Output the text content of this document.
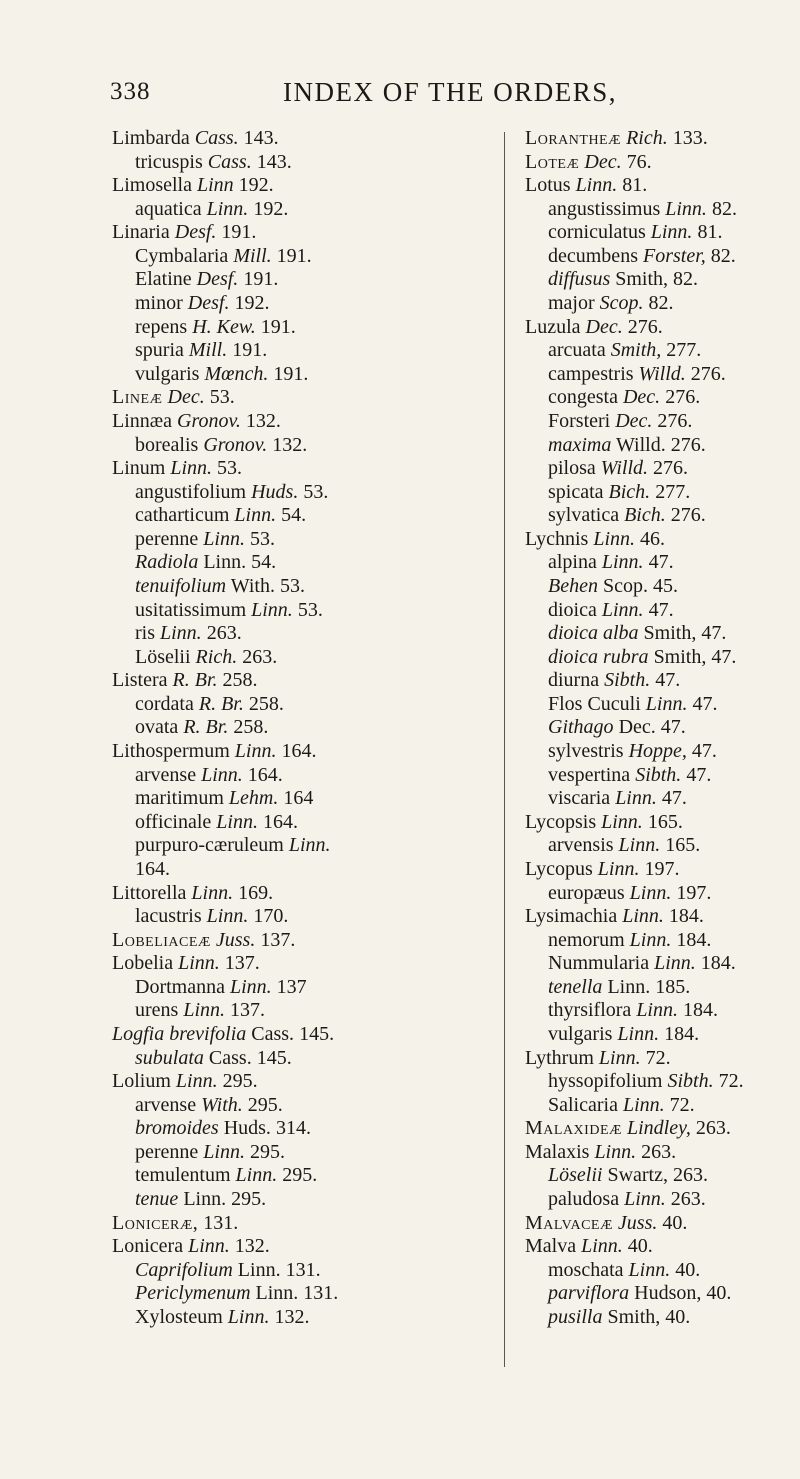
338	INDEX OF THE ORDERS,
Limbarda Cass. 143.
tricuspis Cass. 143.
Limosella Linn 192.
aquatica Linn. 192.
Linaria Desf. 191.
Cymbalaria Mill. 191.
Elatine Desf. 191.
minor Desf. 192.
repens H. Kew. 191.
spuria Mill. 191.
vulgaris Mœnch. 191.
Lineæ Dec. 53.
Linnæa Gronov. 132.
borealis Gronov. 132.
Linum Linn. 53.
angustifolium Huds. 53.
catharticum Linn. 54.
perenne Linn. 53.
Radiola Linn. 54.
tenuifolium With. 53.
usitatissimum Linn. 53.
ris Linn. 263.
Löselii Rich. 263.
Listera R. Br. 258.
cordata R. Br. 258.
ovata R. Br. 258.
Lithospermum Linn. 164.
arvense Linn. 164.
maritimum Lehm. 164
officinale Linn. 164.
purpuro-cæruleum Linn.
164.
Littorella Linn. 169.
lacustris Linn. 170.
Lobeliaceæ Juss. 137.
Lobelia Linn. 137.
Dortmanna Linn. 137
urens Linn. 137.
Logfia brevifolia Cass. 145.
subulata Cass. 145.
Lolium Linn. 295.
arvense With. 295.
bromoides Huds. 314.
perenne Linn. 295.
temulentum Linn. 295.
tenue Linn. 295.
Loniceræ, 131.
Lonicera Linn. 132.
Caprifolium Linn. 131.
Periclymenum Linn. 131.
Xylosteum Linn. 132.
Lorantheæ Rich. 133.
Loteæ Dec. 76.
Lotus Linn. 81.
angustissimus Linn. 82.
corniculatus Linn. 81.
decumbens Forster, 82.
diffusus Smith, 82.
major Scop. 82.
Luzula Dec. 276.
arcuata Smith, 277.
campestris Willd. 276.
congesta Dec. 276.
Forsteri Dec. 276.
maxima Willd. 276.
pilosa Willd. 276.
spicata Bich. 277.
sylvatica Bich. 276.
Lychnis Linn. 46.
alpina Linn. 47.
Behen Scop. 45.
dioica Linn. 47.
dioica alba Smith, 47.
dioica rubra Smith, 47.
diurna Sibth. 47.
Flos Cuculi Linn. 47.
Githago Dec. 47.
sylvestris Hoppe, 47.
vespertina Sibth. 47.
viscaria Linn. 47.
Lycopsis Linn. 165.
arvensis Linn. 165.
Lycopus Linn. 197.
europæus Linn. 197.
Lysimachia Linn. 184.
nemorum Linn. 184.
Nummularia Linn. 184.
tenella Linn. 185.
thyrsiflora Linn. 184.
vulgaris Linn. 184.
Lythrum Linn. 72.
hyssopifolium Sibth. 72.
Salicaria Linn. 72.
Malaxideæ Lindley, 263.
Malaxis Linn. 263.
Löselii Swartz, 263.
paludosa Linn. 263.
Malvaceæ Juss. 40.
Malva Linn. 40.
moschata Linn. 40.
parviflora Hudson, 40.
pusilla Smith, 40.
